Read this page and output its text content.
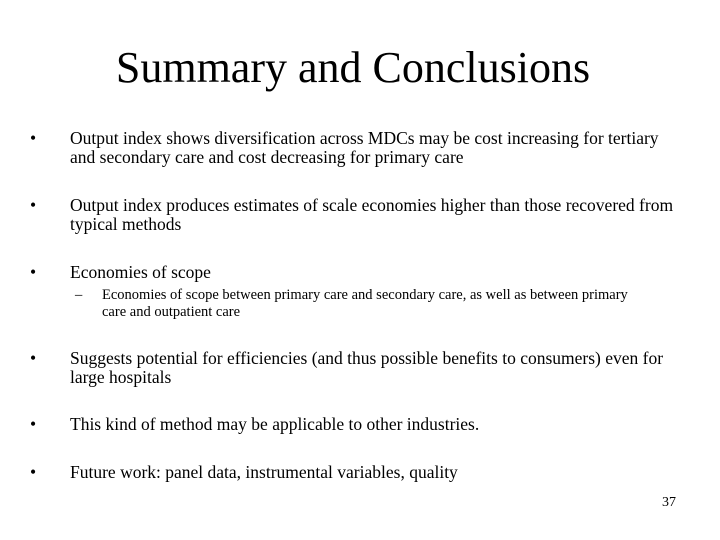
Summary and Conclusions
• Output index shows diversification across MDCs may be cost increasing for tertiary and secondary care and cost decreasing for primary care
• Output index produces estimates of scale economies higher than those recovered from typical methods
• Economies of scope
– Economies of scope between primary care and secondary care, as well as between primary care and outpatient care
• Suggests potential for efficiencies (and thus possible benefits to consumers) even for large hospitals
• This kind of method may be applicable to other industries.
• Future work: panel data, instrumental variables, quality
37
